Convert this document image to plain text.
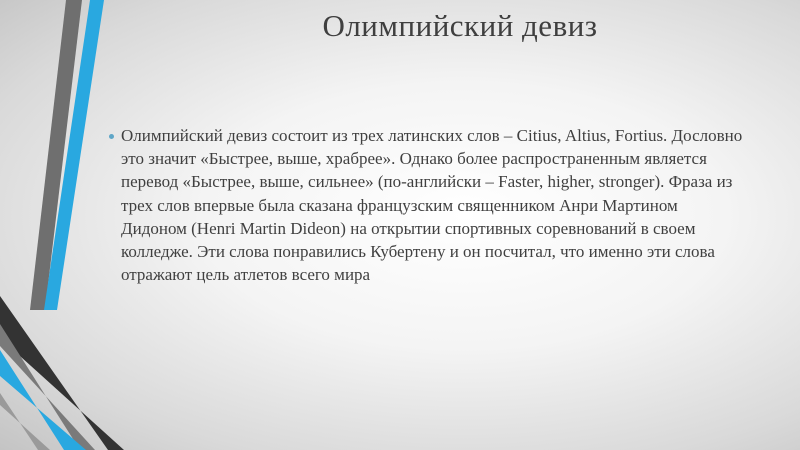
Олимпийский девиз
Олимпийский девиз состоит из трех латинских слов – Citius, Altius, Fortius. Дословно это значит «Быстрее, выше, храбрее». Однако более распространенным является перевод «Быстрее, выше, сильнее» (по-английски – Faster, higher, stronger). Фраза из трех слов впервые была сказана французским священником Анри Мартином Дидоном (Henri Martin Dideon) на открытии спортивных соревнований в своем колледже. Эти слова понравились Кубертену и он посчитал, что именно эти слова отражают цель атлетов всего мира
